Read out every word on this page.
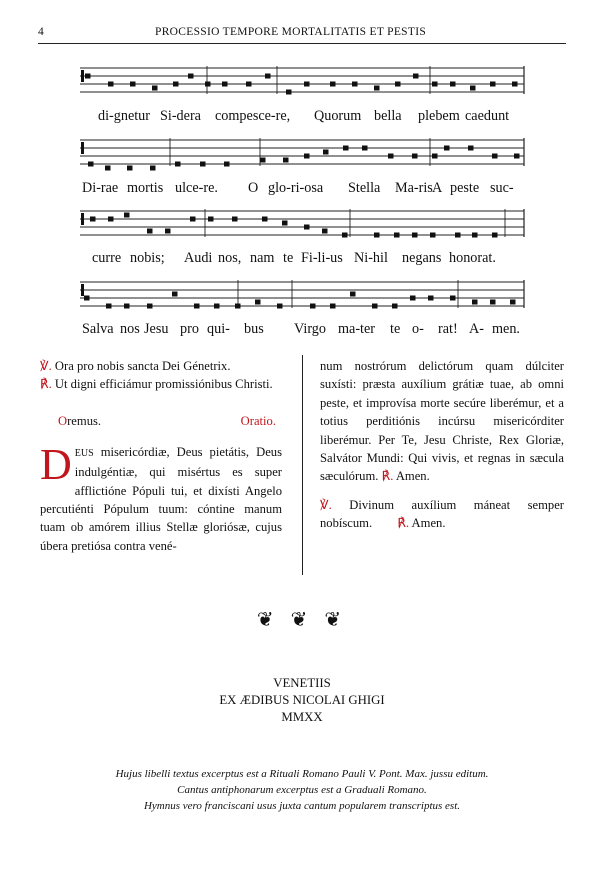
4	PROCESSIO TEMPORE MORTALITATIS ET PESTIS
di-gnetur Si-dera compesce-re, Quorum bella plebem caedunt
Di-rae mortis ulce-re. O glo-ri-osa Stella Ma-ris A peste suc-
curre nobis; Audi nos, nam te Fi-li-us Ni-hil negans honorat.
Salva nos Jesu pro qui- bus Virgo ma-ter te o- rat! A- men.

℣. Ora pro nobis sancta Dei Génetrix.

℟. Ut digni efficiámur promissiónibus Christi.

Oremus.	Oratio.

DEUS misericórdiæ, Deus pietátis, Deus indulgéntiæ, qui misértus es super afflictióne Pópuli tui, et dixísti Angelo percutiénti Pópulum tuum: cóntine manum tuam ob amórem illius Stellæ gloriósæ, cujus úbera pretiósa contra vené-

num nostrórum delictórum quam dúlciter suxísti: præsta auxílium grátiæ tuae, ab omni peste, et improvísa morte secúre liberémur, et a totius perditiónis incúrsu misericórditer liberémur. Per Te, Jesu Christe, Rex Gloriæ, Salvátor Mundi: Qui vivis, et regnas in sæcula sæculórum. ℟. Amen.

℣. Divinum auxílium máneat semper nobíscum. ℟. Amen.

❦ ❦ ❦
VENETIIS
EX ÆDIBUS NICOLAI GHIGI
MMXX
Hujus libelli textus excerptus est a Rituali Romano Pauli V. Pont. Max. jussu editum.
Cantus antiphonarum excerptus est a Graduali Romano.
Hymnus vero franciscani usus juxta cantum popularem transcriptus est.
